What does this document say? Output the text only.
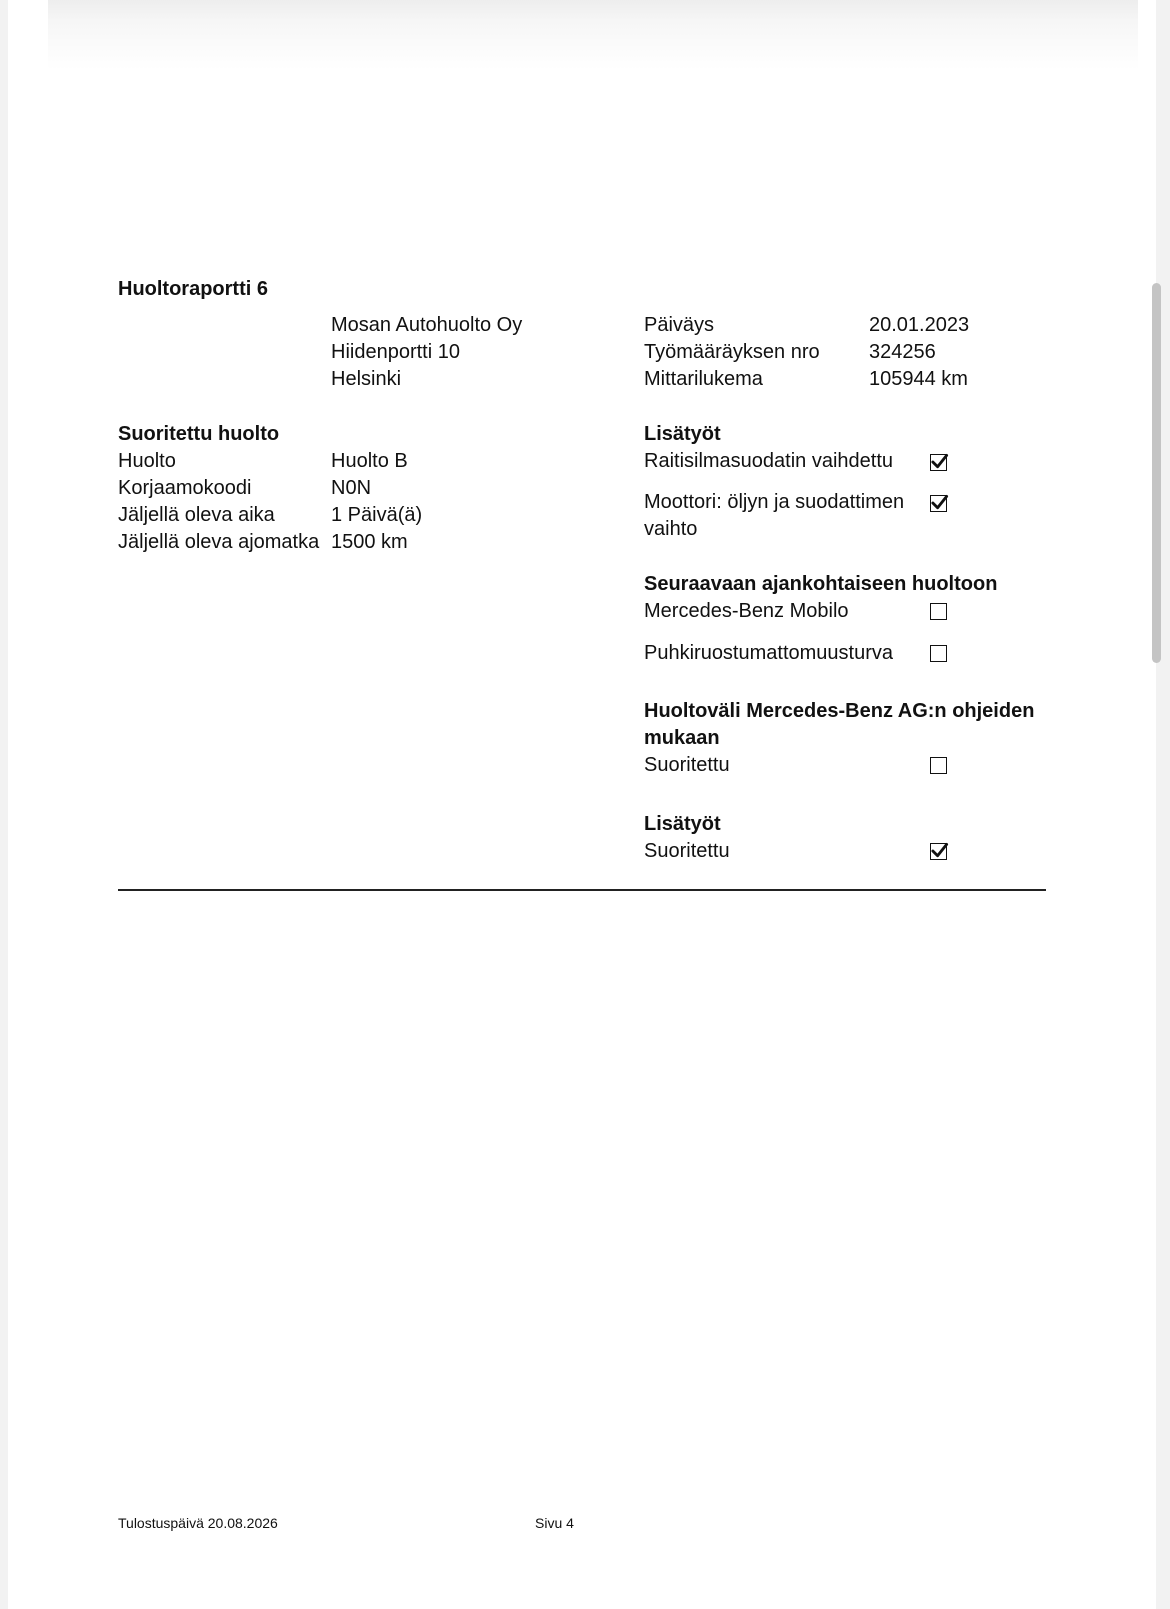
Huoltoraportti 6
Mosan Autohuolto Oy
Hiidenportti 10
Helsinki
Päiväys	20.01.2023
Työmääräyksen nro 324256
Mittarilukema	105944 km
Suoritettu huolto
Huolto	Huolto B
Korjaamokoodi	N0N
Jäljellä oleva aika	1 Päivä(ä)
Jäljellä oleva ajomatka 1500 km
Lisätyöt
Raitisilmasuodatin vaihdettu
Moottori: öljyn ja suodattimen vaihto
Seuraavaan ajankohtaiseen huoltoon
Mercedes-Benz Mobilo
Puhkiruostumattomuusturva
Huoltoväli Mercedes-Benz AG:n ohjeiden mukaan
Suoritettu
Lisätyöt
Suoritettu
Tulostuspäivä 20.08.2026	Sivu 4
